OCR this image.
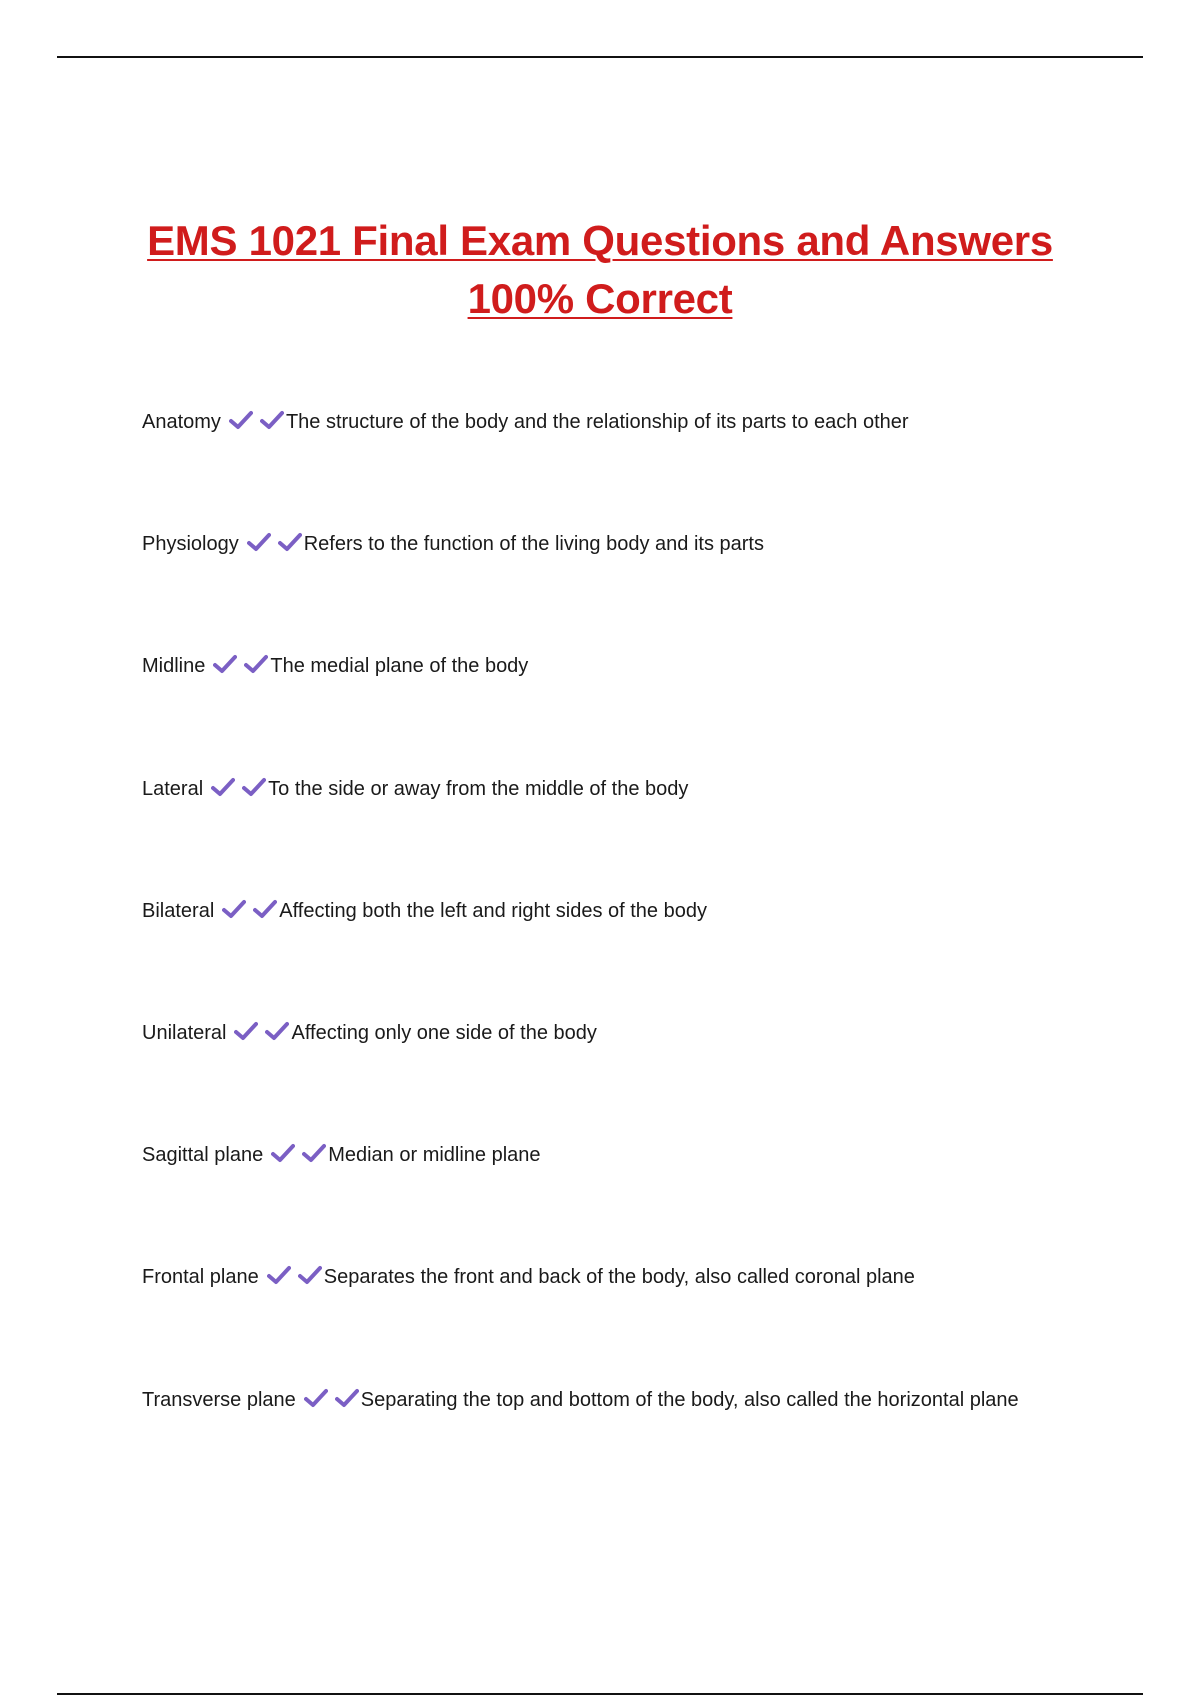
EMS 1021 Final Exam Questions and Answers
100% Correct
Anatomy	The structure of the body and the relationship of its parts to each other
Physiology	Refers to the function of the living body and its parts
Midline	The medial plane of the body
Lateral	To the side or away from the middle of the body
Bilateral	Affecting both the left and right sides of the body
Unilateral	Affecting only one side of the body
Sagittal plane	Median or midline plane
Frontal plane	Separates the front and back of the body, also called coronal plane
Transverse plane	Separating the top and bottom of the body, also called the horizontal plane
